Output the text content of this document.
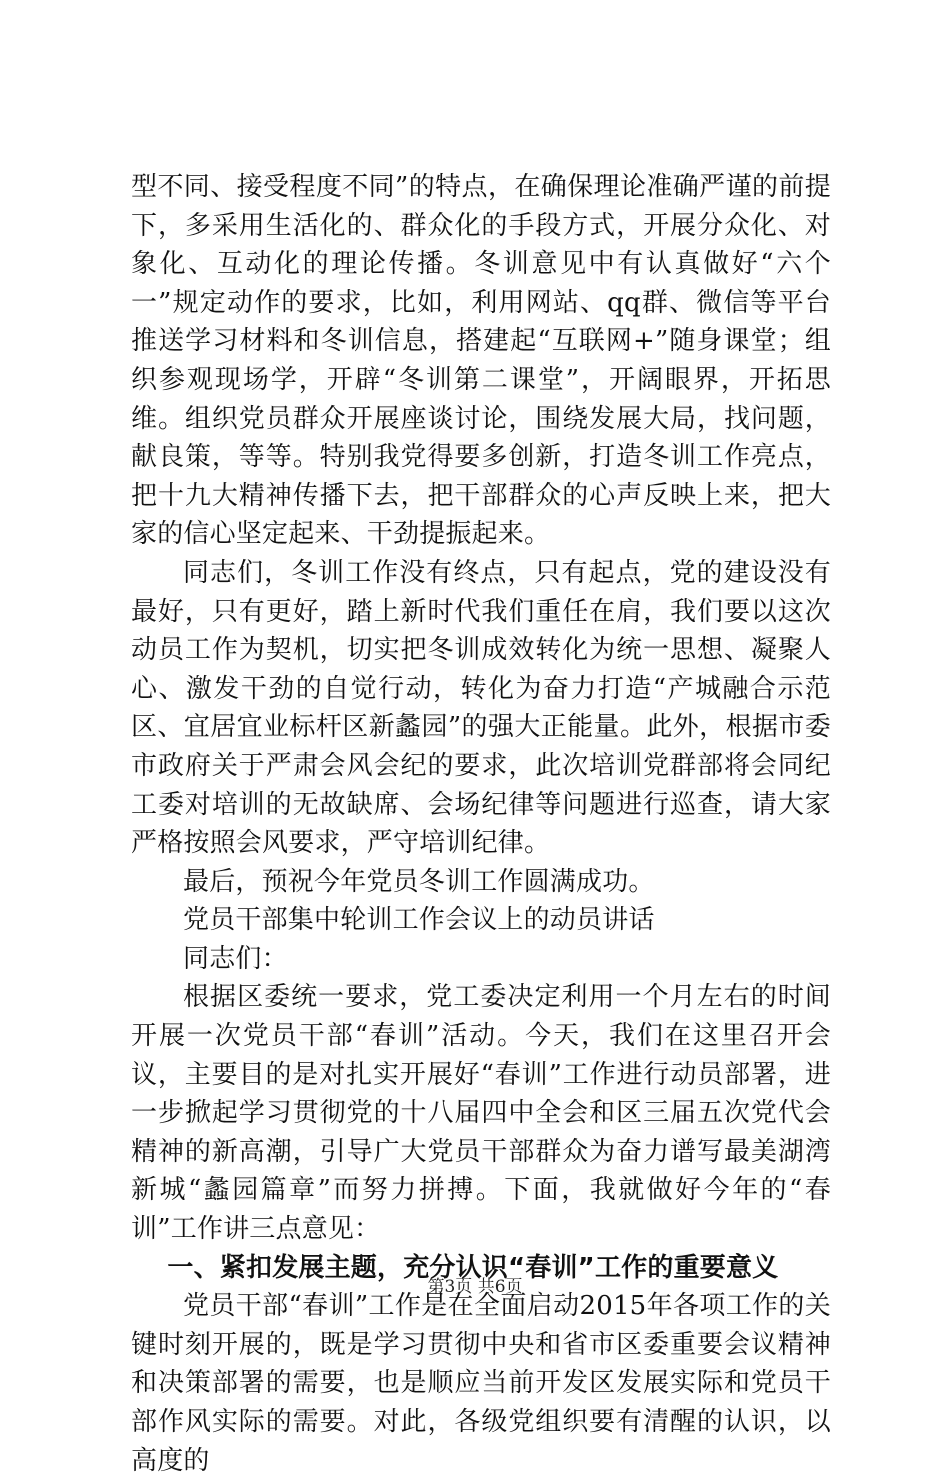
型不同、接受程度不同”的特点，在确保理论准确严谨的前提下，多采用生活化的、群众化的手段方式，开展分众化、对象化、互动化的理论传播。冬训意见中有认真做好“六个一”规定动作的要求，比如，利用网站、qq群、微信等平台推送学习材料和冬训信息，搭建起“互联网+”随身课堂；组织参观现场学，开辟“冬训第二课堂”，开阔眼界，开拓思维。组织党员群众开展座谈讨论，围绕发展大局，找问题，献良策，等等。特别我党得要多创新，打造冬训工作亮点，把十九大精神传播下去，把干部群众的心声反映上来，把大家的信心坚定起来、干劲提振起来。

同志们，冬训工作没有终点，只有起点，党的建设没有最好，只有更好，踏上新时代我们重任在肩，我们要以这次动员工作为契机，切实把冬训成效转化为统一思想、凝聚人心、激发干劲的自觉行动，转化为奋力打造“产城融合示范区、宜居宜业标杆区新蠡园”的强大正能量。此外，根据市委市政府关于严肃会风会纪的要求，此次培训党群部将会同纪工委对培训的无故缺席、会场纪律等问题进行巡查，请大家严格按照会风要求，严守培训纪律。

最后，预祝今年党员冬训工作圆满成功。

党员干部集中轮训工作会议上的动员讲话

同志们：

根据区委统一要求，党工委决定利用一个月左右的时间开展一次党员干部“春训”活动。今天，我们在这里召开会议，主要目的是对扎实开展好“春训”工作进行动员部署，进一步掀起学习贯彻党的十八届四中全会和区三届五次党代会精神的新高潮，引导广大党员干部群众为奋力谱写最美湖湾新城“蠡园篇章”而努力拼搏。下面，我就做好今年的“春训”工作讲三点意见：

一、紧扣发展主题，充分认识“春训”工作的重要意义

党员干部“春训”工作是在全面启动2015年各项工作的关键时刻开展的，既是学习贯彻中央和省市区委重要会议精神和决策部署的需要，也是顺应当前开发区发展实际和党员干部作风实际的需要。对此，各级党组织要有清醒的认识，以高度的

第3页 共6页
